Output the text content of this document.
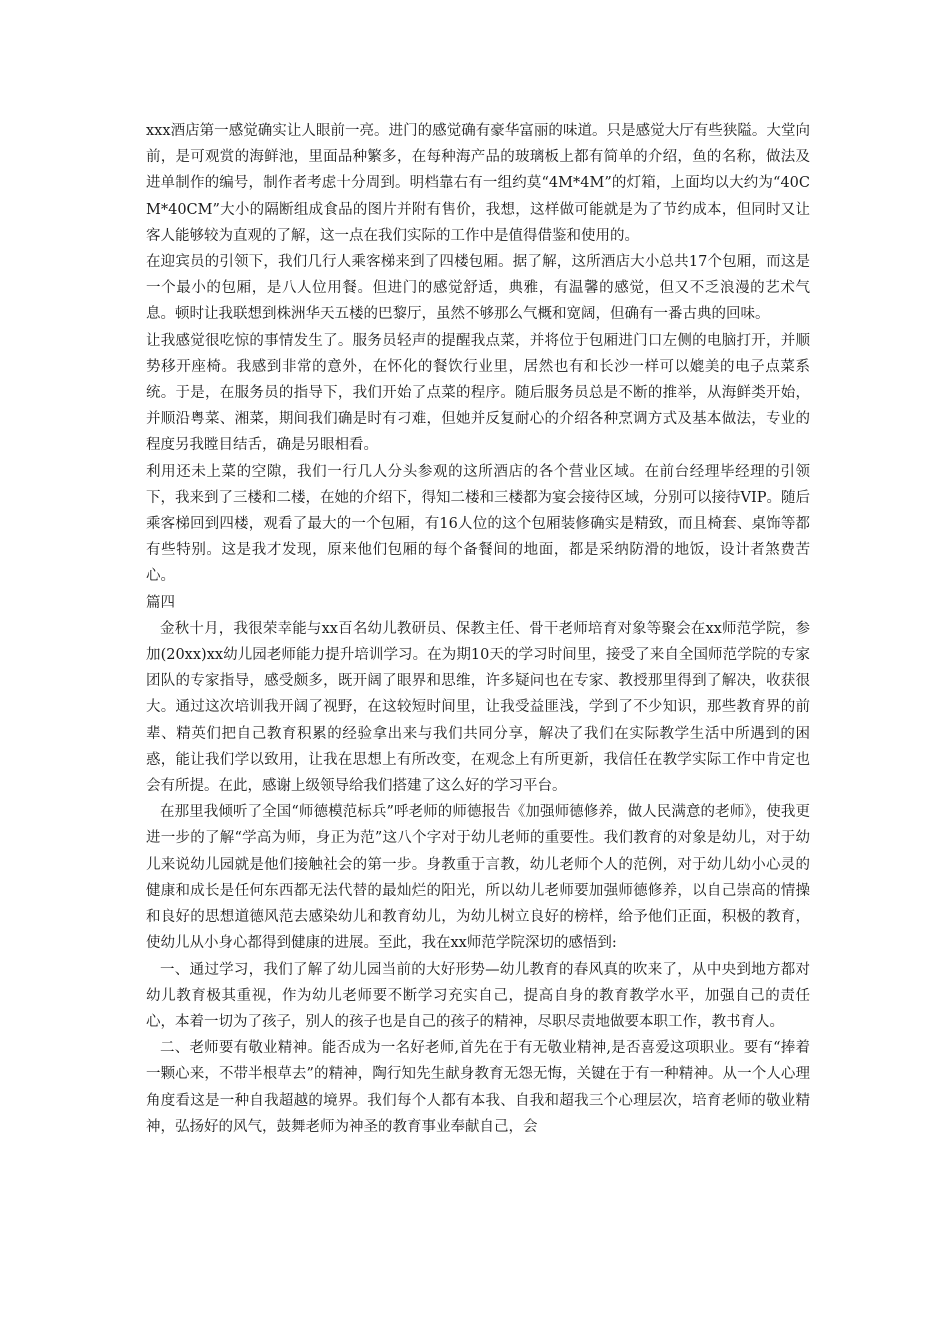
xxx酒店第一感觉确实让人眼前一亮。进门的感觉确有豪华富丽的味道。只是感觉大厅有些狭隘。大堂向前，是可观赏的海鲜池，里面品种繁多，在每种海产品的玻璃板上都有简单的介绍，鱼的名称，做法及进单制作的编号，制作者考虑十分周到。明档靠右有一组约莫“4M*4M”的灯箱，上面均以大约为“40CM*40CM”大小的隔断组成食品的图片并附有售价，我想，这样做可能就是为了节约成本，但同时又让客人能够较为直观的了解，这一点在我们实际的工作中是值得借鉴和使用的。

在迎宾员的引领下，我们几行人乘客梯来到了四楼包厢。据了解，这所酒店大小总共17个包厢，而这是一个最小的包厢，是八人位用餐。但进门的感觉舒适，典雅，有温馨的感觉，但又不乏浪漫的艺术气息。顿时让我联想到株洲华天五楼的巴黎厅，虽然不够那么气概和宽阔，但确有一番古典的回味。

让我感觉很吃惊的事情发生了。服务员轻声的提醒我点菜，并将位于包厢进门口左侧的电脑打开，并顺势移开座椅。我感到非常的意外，在怀化的餐饮行业里，居然也有和长沙一样可以媲美的电子点菜系统。于是，在服务员的指导下，我们开始了点菜的程序。随后服务员总是不断的推举，从海鲜类开始，并顺沿粤菜、湘菜，期间我们确是时有刁难，但她并反复耐心的介绍各种烹调方式及基本做法，专业的程度另我瞠目结舌，确是另眼相看。

利用还未上菜的空隙，我们一行几人分头参观的这所酒店的各个营业区域。在前台经理毕经理的引领下，我来到了三楼和二楼，在她的介绍下，得知二楼和三楼都为宴会接待区域，分别可以接待VIP。随后乘客梯回到四楼，观看了最大的一个包厢，有16人位的这个包厢装修确实是精致，而且椅套、桌饰等都有些特别。这是我才发现，原来他们包厢的每个备餐间的地面，都是采纳防滑的地饭，设计者煞费苦心。

篇四

金秋十月，我很荣幸能与xx百名幼儿教研员、保教主任、骨干老师培育对象等聚会在xx师范学院，参加(20xx)xx幼儿园老师能力提升培训学习。在为期10天的学习时间里，接受了来自全国师范学院的专家团队的专家指导，感受颇多，既开阔了眼界和思维，许多疑问也在专家、教授那里得到了解决，收获很大。通过这次培训我开阔了视野，在这较短时间里，让我受益匪浅，学到了不少知识，那些教育界的前辈、精英们把自己教育积累的经验拿出来与我们共同分享，解决了我们在实际教学生活中所遇到的困惑，能让我们学以致用，让我在思想上有所改变，在观念上有所更新，我信任在教学实际工作中肯定也会有所提。在此，感谢上级领导给我们搭建了这么好的学习平台。

在那里我倾听了全国“师德模范标兵”呼老师的师德报告《加强师德修养，做人民满意的老师》，使我更进一步的了解“学高为师，身正为范”这八个字对于幼儿老师的重要性。我们教育的对象是幼儿，对于幼儿来说幼儿园就是他们接触社会的第一步。身教重于言教，幼儿老师个人的范例，对于幼儿幼小心灵的健康和成长是任何东西都无法代替的最灿烂的阳光，所以幼儿老师要加强师德修养，以自己崇高的情操和良好的思想道德风范去感染幼儿和教育幼儿，为幼儿树立良好的榜样，给予他们正面，积极的教育，使幼儿从小身心都得到健康的进展。至此，我在xx师范学院深切的感悟到:

一、通过学习，我们了解了幼儿园当前的大好形势—幼儿教育的春风真的吹来了，从中央到地方都对幼儿教育极其重视，作为幼儿老师要不断学习充实自己，提高自身的教育教学水平，加强自己的责任心，本着一切为了孩子，别人的孩子也是自己的孩子的精神，尽职尽责地做要本职工作，教书育人。

二、老师要有敬业精神。能否成为一名好老师,首先在于有无敬业精神,是否喜爱这项职业。要有“捧着一颗心来，不带半根草去”的精神，陶行知先生献身教育无怨无悔，关键在于有一种精神。从一个人心理角度看这是一种自我超越的境界。我们每个人都有本我、自我和超我三个心理层次，培育老师的敬业精神，弘扬好的风气，鼓舞老师为神圣的教育事业奉献自己，会
